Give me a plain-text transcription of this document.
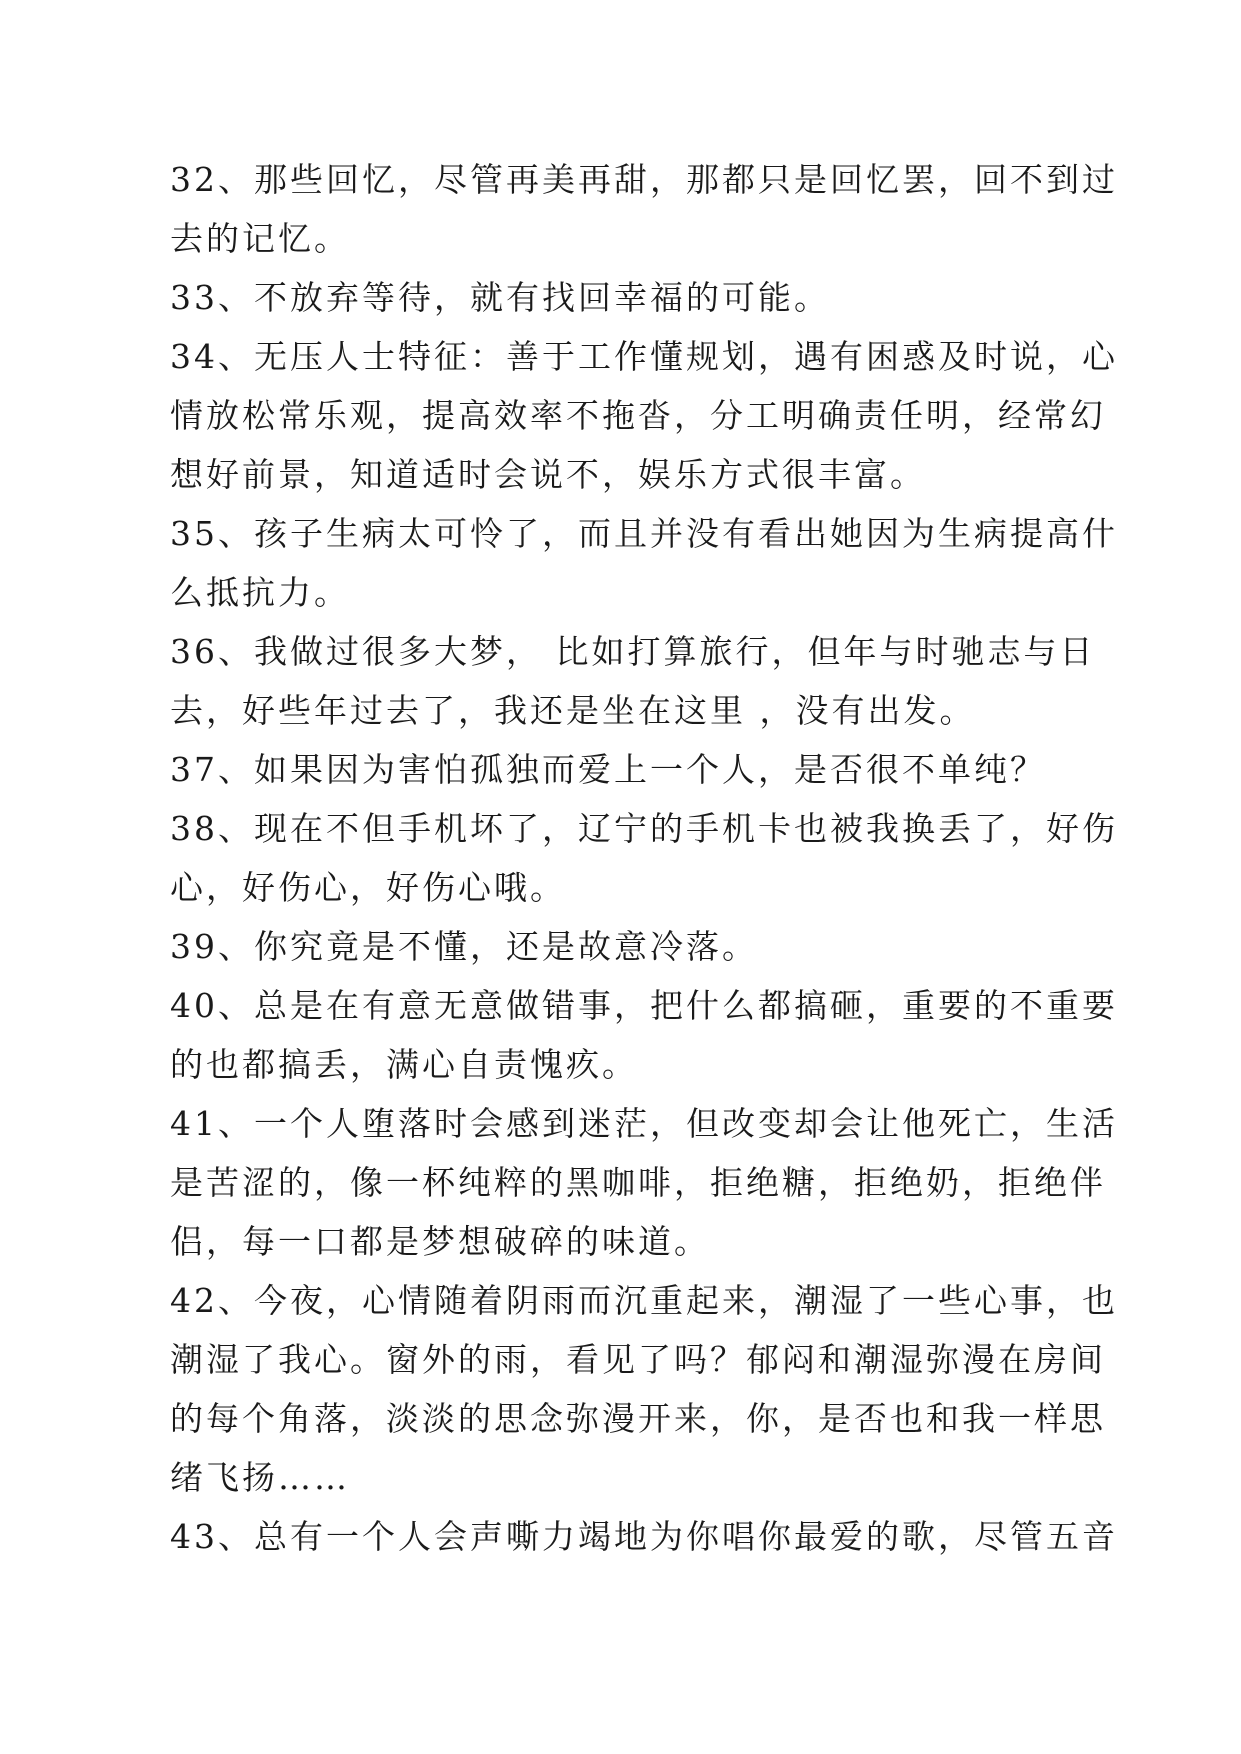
32、那些回忆，尽管再美再甜，那都只是回忆罢，回不到过
去的记忆。
33、不放弃等待，就有找回幸福的可能。
34、无压人士特征：善于工作懂规划，遇有困惑及时说，心
情放松常乐观，提高效率不拖沓，分工明确责任明，经常幻
想好前景，知道适时会说不，娱乐方式很丰富。
35、孩子生病太可怜了，而且并没有看出她因为生病提高什
么抵抗力。
36、我做过很多大梦， 比如打算旅行，但年与时驰志与日
去，好些年过去了，我还是坐在这里 ，没有出发。
37、如果因为害怕孤独而爱上一个人，是否很不单纯？
38、现在不但手机坏了，辽宁的手机卡也被我换丢了，好伤
心，好伤心，好伤心哦。
39、你究竟是不懂，还是故意冷落。
40、总是在有意无意做错事，把什么都搞砸，重要的不重要
的也都搞丢，满心自责愧疚。
41、一个人堕落时会感到迷茫，但改变却会让他死亡，生活
是苦涩的，像一杯纯粹的黑咖啡，拒绝糖，拒绝奶，拒绝伴
侣，每一口都是梦想破碎的味道。
42、今夜，心情随着阴雨而沉重起来，潮湿了一些心事，也
潮湿了我心。窗外的雨，看见了吗？郁闷和潮湿弥漫在房间
的每个角落，淡淡的思念弥漫开来，你，是否也和我一样思
绪飞扬……
43、总有一个人会声嘶力竭地为你唱你最爱的歌，尽管五音
